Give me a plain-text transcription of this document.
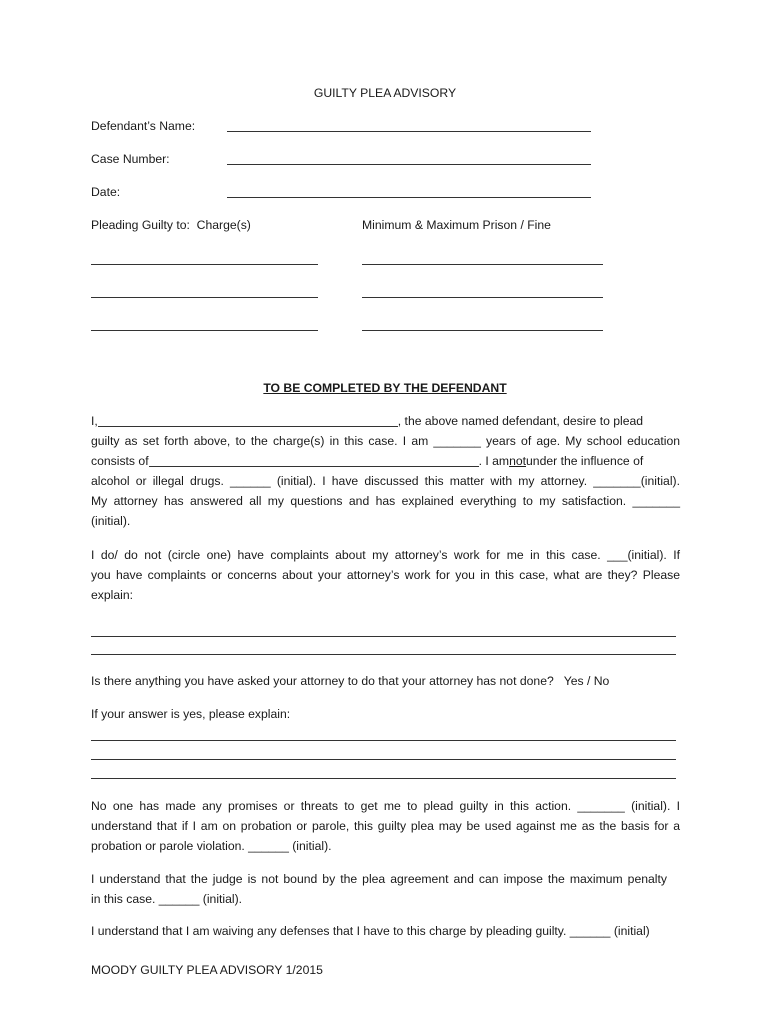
GUILTY PLEA ADVISORY
Defendant’s Name:
Case Number:
Date:
Pleading Guilty to:  Charge(s)	Minimum & Maximum Prison / Fine
TO BE COMPLETED BY THE DEFENDANT
I,	, the above named defendant, desire to plead
guilty as set forth above, to the charge(s) in this case. I am _______ years of age. My school education
consists of	. I am not under the influence of
alcohol or illegal drugs. ______ (initial). I have discussed this matter with my attorney. _______(initial).
My attorney has answered all my questions and has explained everything to my satisfaction. _______
(initial).
I do/ do not (circle one) have complaints about my attorney’s work for me in this case. ___(initial). If
you have complaints or concerns about your attorney’s work for you in this case, what are they? Please
explain:
Is there anything you have asked your attorney to do that your attorney has not done?   Yes / No
If your answer is yes, please explain:
No one has made any promises or threats to get me to plead guilty in this action. _______ (initial). I
understand that if I am on probation or parole, this guilty plea may be used against me as the basis for a
probation or parole violation. ______ (initial).
I understand that the judge is not bound by the plea agreement and can impose the maximum penalty
in this case. ______ (initial).
I understand that I am waiving any defenses that I have to this charge by pleading guilty. ______ (initial)
MOODY GUILTY PLEA ADVISORY 1/2015
